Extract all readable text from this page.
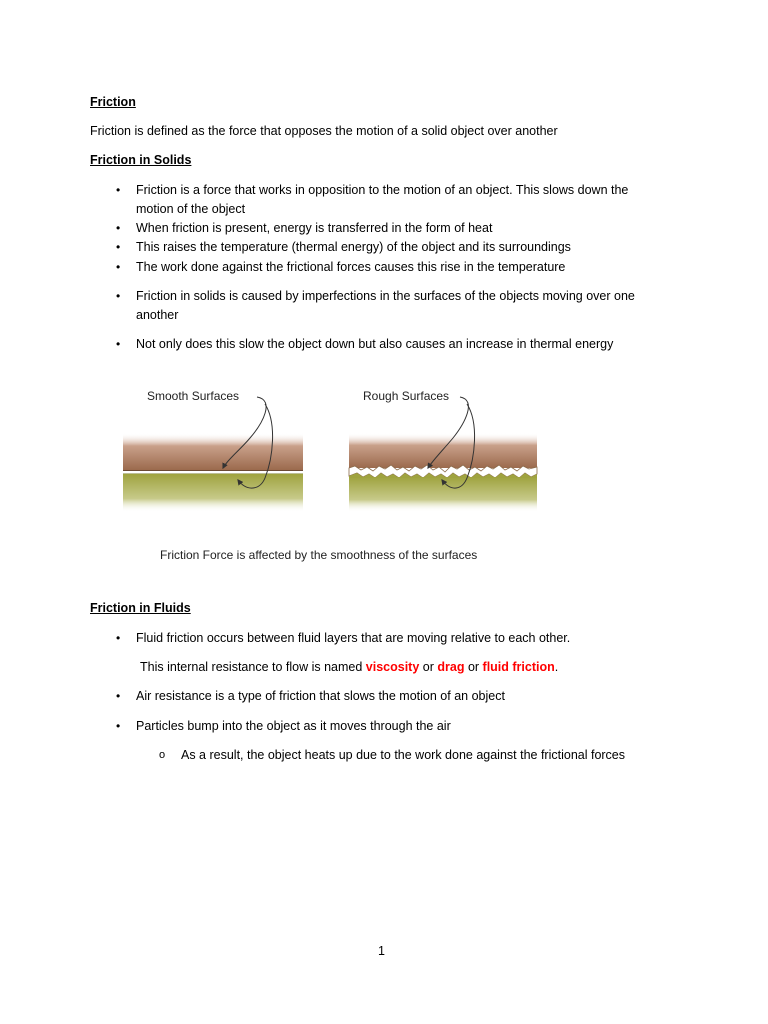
Friction
Friction is defined as the force that opposes the motion of a solid object over another
Friction in Solids
• Friction is a force that works in opposition to the motion of an object. This slows down the
motion of the object
• When friction is present, energy is transferred in the form of heat
• This raises the temperature (thermal energy) of the object and its surroundings
• The work done against the frictional forces causes this rise in the temperature
• Friction in solids is caused by imperfections in the surfaces of the objects moving over one
another
• Not only does this slow the object down but also causes an increase in thermal energy
Smooth Surfaces	Rough Surfaces
Friction Force is affected by the smoothness of the surfaces
Friction in Fluids
• Fluid friction occurs between fluid layers that are moving relative to each other.
This internal resistance to flow is named viscosity or drag or fluid friction.
• Air resistance is a type of friction that slows the motion of an object
• Particles bump into the object as it moves through the air
o As a result, the object heats up due to the work done against the frictional forces
1
